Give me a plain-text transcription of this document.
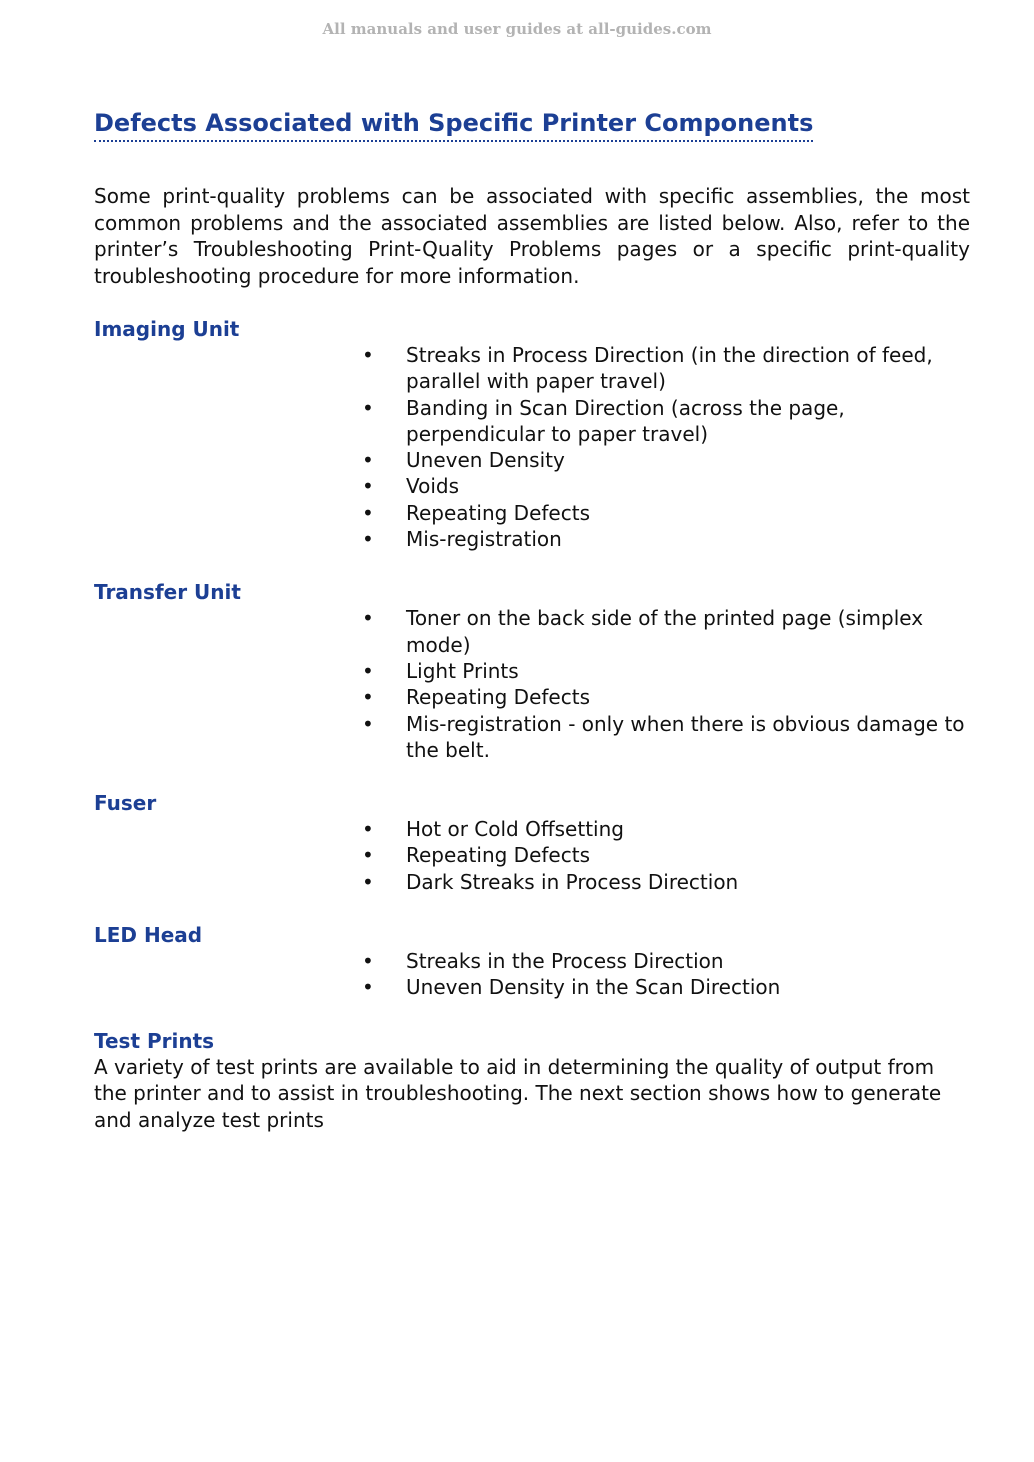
All manuals and user guides at all-guides.com
Defects Associated with Specific Printer Components
Some print-quality problems can be associated with specific assemblies, the most common problems and the associated assemblies are listed below. Also, refer to the printer’s Troubleshooting Print-Quality Problems pages or a specific print-quality troubleshooting procedure for more information.
Imaging Unit
• Streaks in Process Direction (in the direction of feed, parallel with paper travel)
• Banding in Scan Direction (across the page, perpendicular to paper travel)
• Uneven Density
• Voids
• Repeating Defects
• Mis-registration
Transfer Unit
• Toner on the back side of the printed page (simplex mode)
• Light Prints
• Repeating Defects
• Mis-registration - only when there is obvious damage to the belt.
Fuser
• Hot or Cold Offsetting
• Repeating Defects
• Dark Streaks in Process Direction
LED Head
• Streaks in the Process Direction
• Uneven Density in the Scan Direction
Test Prints
A variety of test prints are available to aid in determining the quality of output from the printer and to assist in troubleshooting. The next section shows how to generate and analyze test prints
